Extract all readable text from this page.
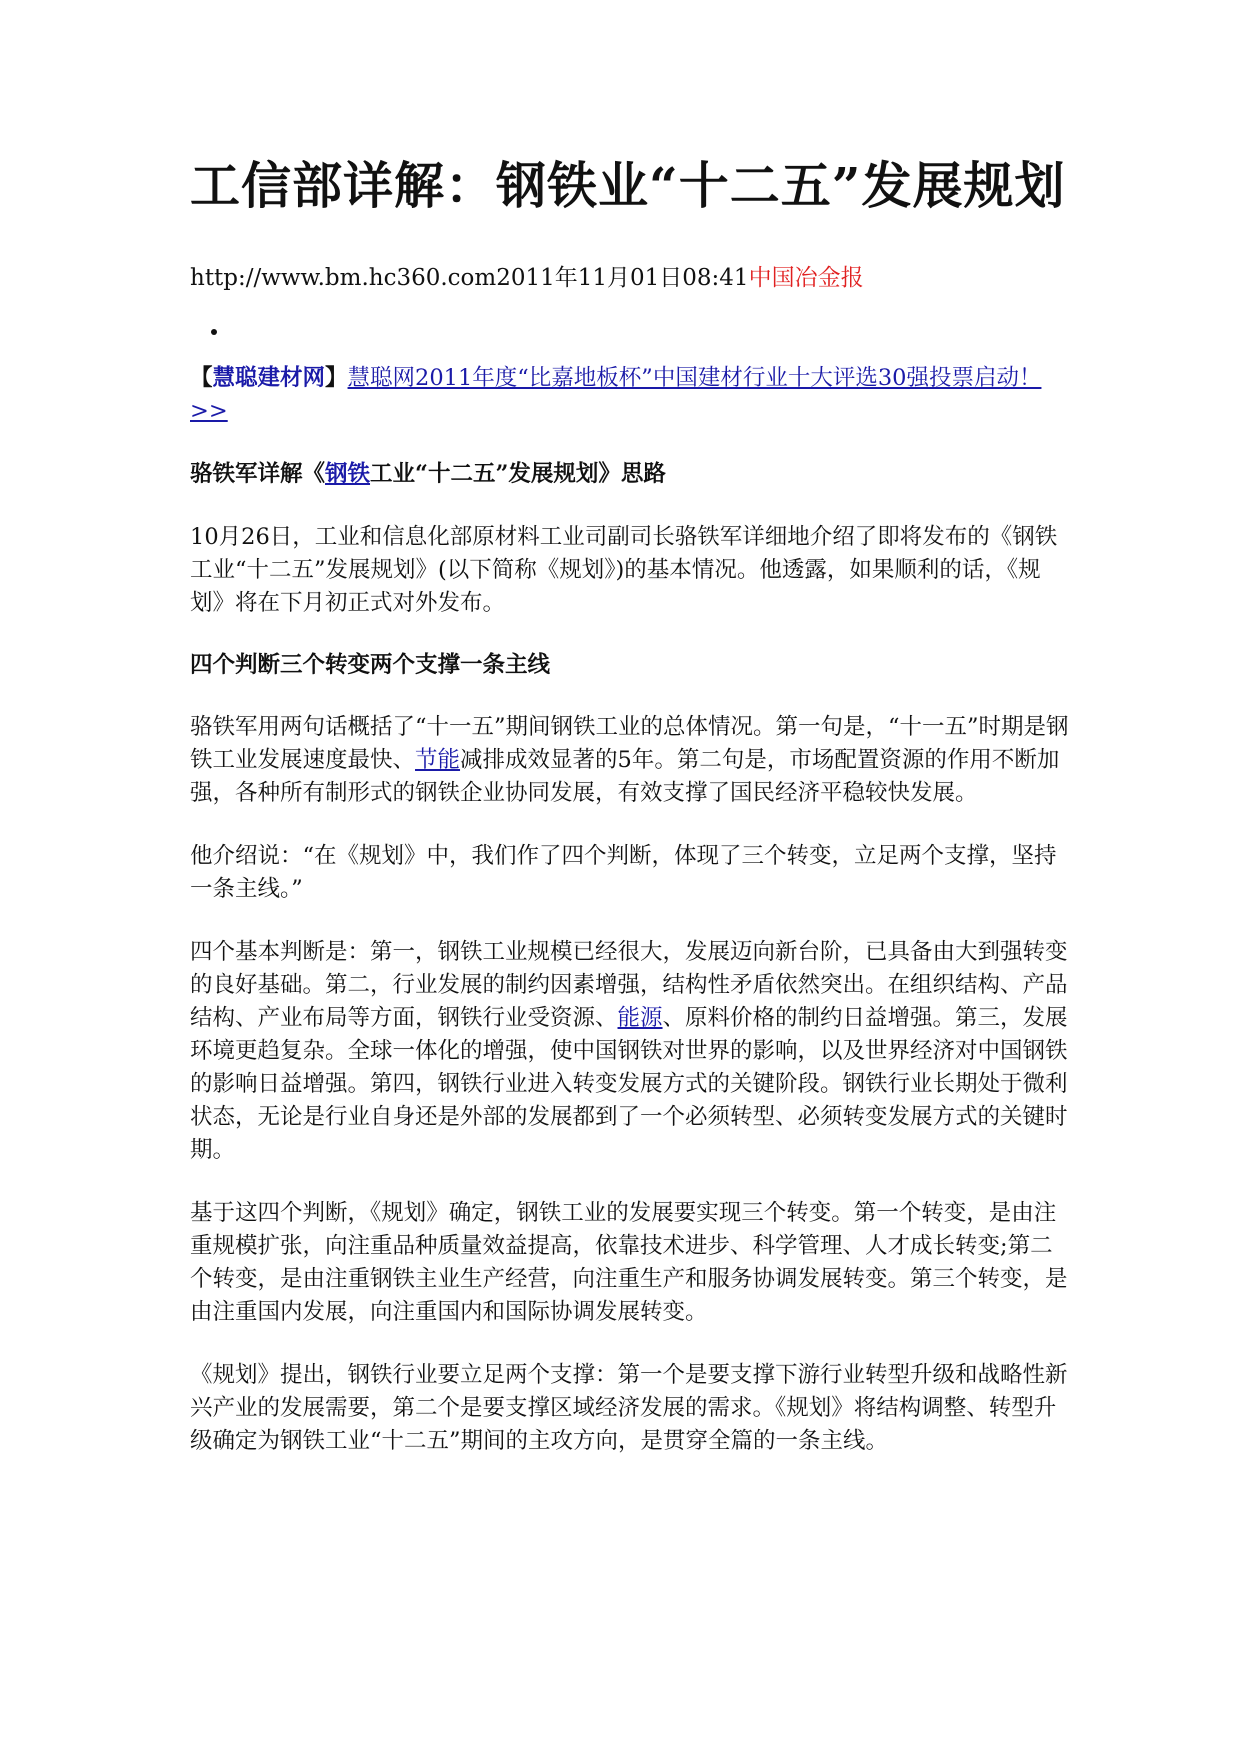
工信部详解：钢铁业“十二五”发展规划
http://www.bm.hc360.com2011年11月01日08:41中国冶金报
•

【慧聪建材网】慧聪网2011年度“比嘉地板杯”中国建材行业十大评选30强投票启动！>>

骆铁军详解《钢铁工业“十二五”发展规划》思路

10月26日，工业和信息化部原材料工业司副司长骆铁军详细地介绍了即将发布的《钢铁工业“十二五”发展规划》(以下简称《规划》)的基本情况。他透露，如果顺利的话，《规划》将在下月初正式对外发布。

四个判断三个转变两个支撑一条主线

骆铁军用两句话概括了“十一五”期间钢铁工业的总体情况。第一句是，“十一五”时期是钢铁工业发展速度最快、节能减排成效显著的5年。第二句是，市场配置资源的作用不断加强，各种所有制形式的钢铁企业协同发展，有效支撑了国民经济平稳较快发展。

他介绍说：“在《规划》中，我们作了四个判断，体现了三个转变，立足两个支撑，坚持一条主线。”

四个基本判断是：第一，钢铁工业规模已经很大，发展迈向新台阶，已具备由大到强转变的良好基础。第二，行业发展的制约因素增强，结构性矛盾依然突出。在组织结构、产品结构、产业布局等方面，钢铁行业受资源、能源、原料价格的制约日益增强。第三，发展环境更趋复杂。全球一体化的增强，使中国钢铁对世界的影响，以及世界经济对中国钢铁的影响日益增强。第四，钢铁行业进入转变发展方式的关键阶段。钢铁行业长期处于微利状态，无论是行业自身还是外部的发展都到了一个必须转型、必须转变发展方式的关键时期。

基于这四个判断，《规划》确定，钢铁工业的发展要实现三个转变。第一个转变，是由注重规模扩张，向注重品种质量效益提高，依靠技术进步、科学管理、人才成长转变;第二个转变，是由注重钢铁主业生产经营，向注重生产和服务协调发展转变。第三个转变，是由注重国内发展，向注重国内和国际协调发展转变。

《规划》提出，钢铁行业要立足两个支撑：第一个是要支撑下游行业转型升级和战略性新兴产业的发展需要，第二个是要支撑区域经济发展的需求。《规划》将结构调整、转型升级确定为钢铁工业“十二五”期间的主攻方向，是贯穿全篇的一条主线。
